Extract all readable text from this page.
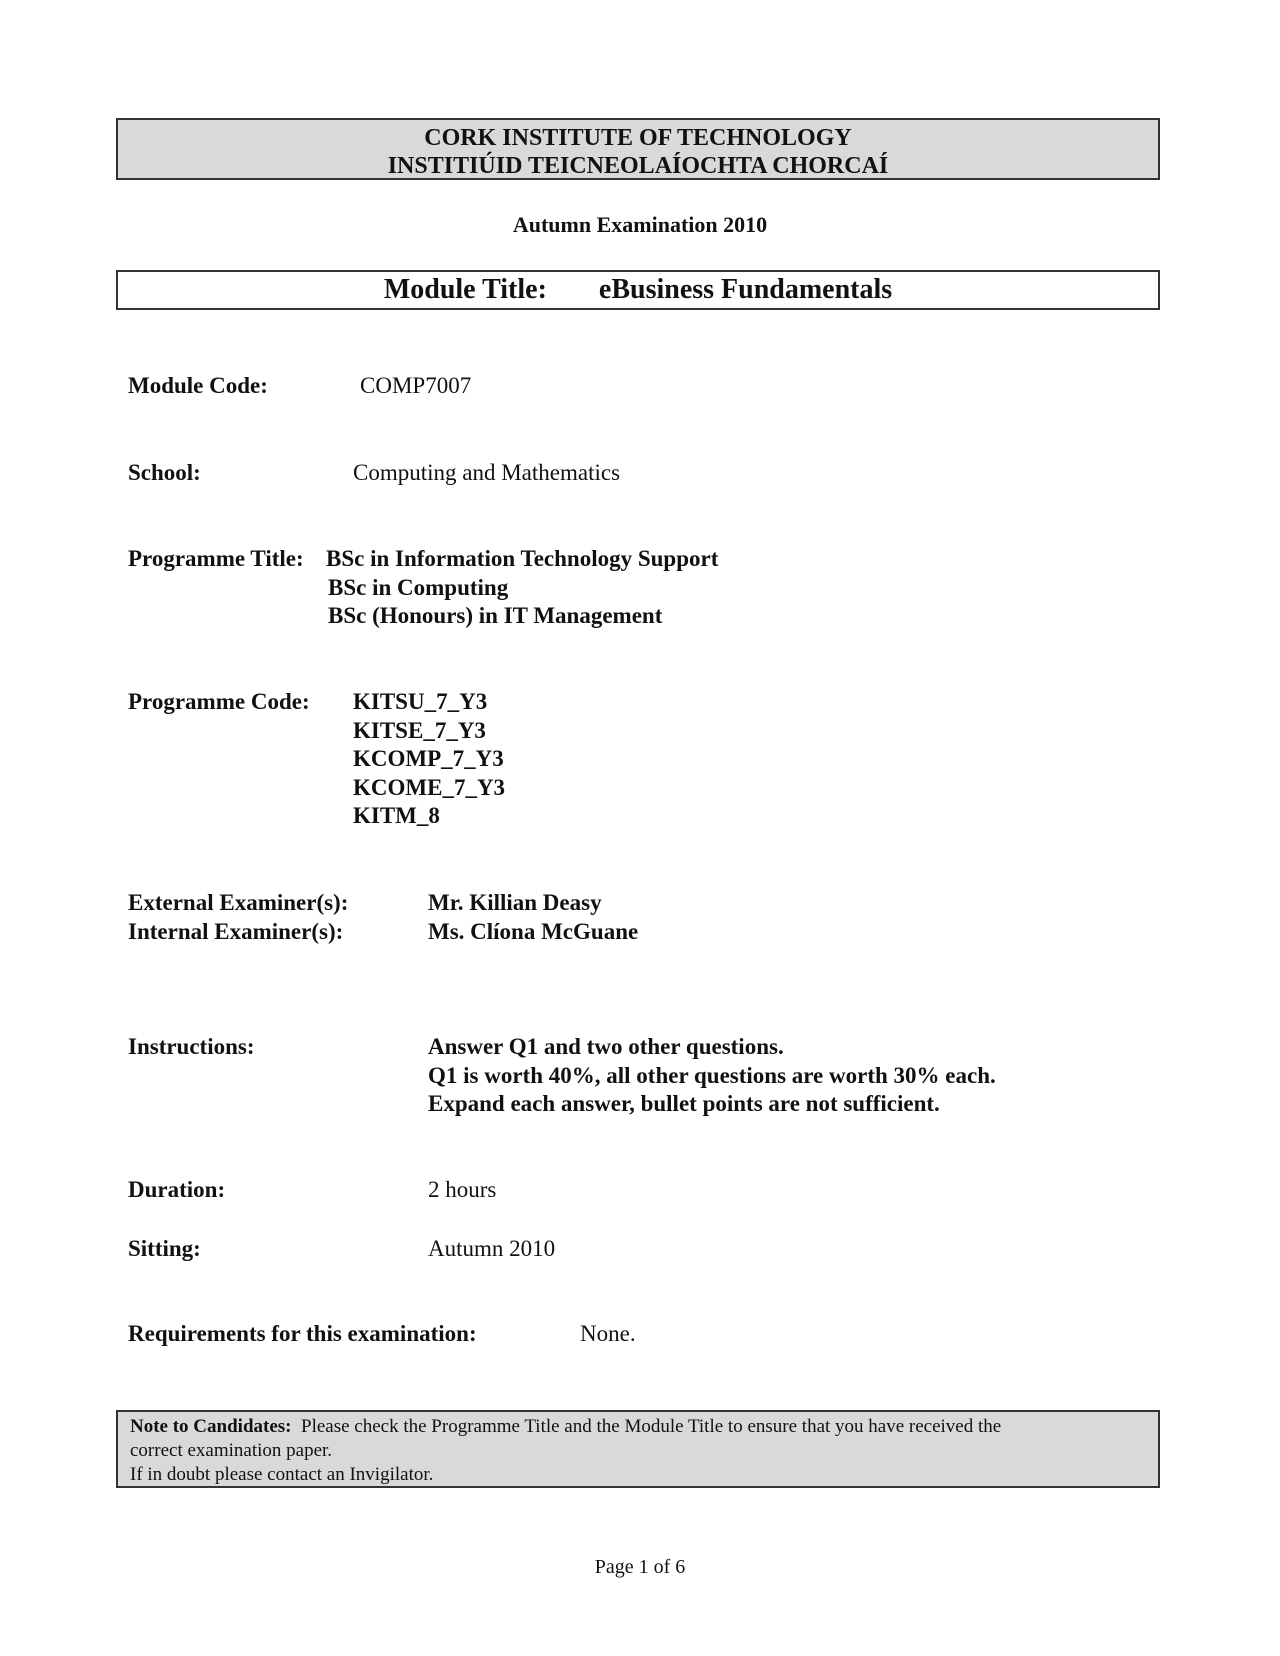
CORK INSTITUTE OF TECHNOLOGY
INSTITIÚID TEICNEOLAÍOCHTA CHORCAÍ
Autumn Examination 2010
Module Title: eBusiness Fundamentals
Module Code:	COMP7007
School:	Computing and Mathematics
Programme Title: BSc in Information Technology Support
BSc in Computing
BSc (Honours) in IT Management
Programme Code: KITSU_7_Y3
KITSE_7_Y3
KCOMP_7_Y3
KCOME_7_Y3
KITM_8
External Examiner(s):	Mr. Killian Deasy
Internal Examiner(s):	Ms. Clíona McGuane
Instructions:	Answer Q1 and two other questions.
Q1 is worth 40%, all other questions are worth 30% each.
Expand each answer, bullet points are not sufficient.
Duration:	2 hours
Sitting:	Autumn 2010
Requirements for this examination:	None.
Note to Candidates: Please check the Programme Title and the Module Title to ensure that you have received the
correct examination paper.
If in doubt please contact an Invigilator.
Page 1 of 6
